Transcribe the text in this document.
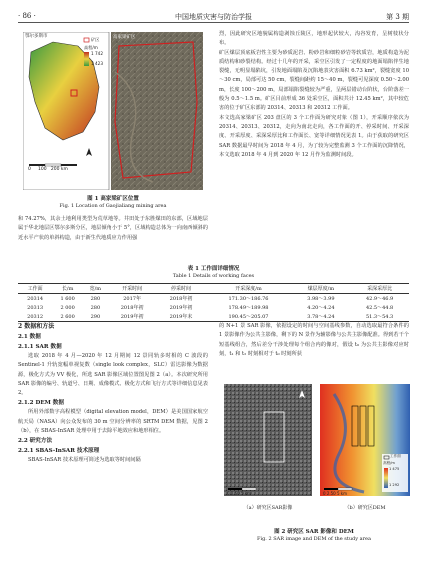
· 86 ·	中国地质灾害与防治学报	第 3 期
鄂尔多斯市	高家梁矿区
矿区
高程/m
1 742
1 423
0     100   200 km
图 1 高家梁矿区位置
Fig. 1 Location of Gaojialiang mining area
和 74.27%，其余土地利用类型为荒草地等。井田处于东胜煤田的东部，区域地层属于华北地层区鄂尔多斯分区，地层倾角小于 5°，区域构造总体为一向南西倾斜的近水平产状的单斜构造，由于新生代地质应力作用强
烈，因此研究区地貌属构造剥蚀丘陵区，地形起伏较大，沟谷发育，呈树枝状分布。
矿区煤层顶底板岩性主要为砂质泥岩、粉砂岩和细粒砂岩等软质岩，地质构造为泥质结构和砂裂结构。经过十几年的开采，采空区引发了一定程度的地面塌陷伴生地裂缝，无明显塌陷坑，引发地面塌陷及沉陷地表灾害面积 6.73 km²，裂缝宽度 10～30 cm，局部可达 50 cm，裂缝间距约 15～40 m，裂缝可见深度 0.50～2.00 m，长度 100～200 m，局部塌陷裂缝较为严重，呈两层错动台阶状，台阶落差一般为 0.5～1.5 m。矿区目前形成 36 处采空区，面积共计 12.45 km²，其中较危害的位于矿区东部的 20314、20313 和 20312 工作面。
本文选高家梁矿区 203 盘区的 3 个工作面为研究对象（图 1），开采顺序依次为 20314、20313、20312，走向为南北走向，各工作面的开、停采时间、开采深度、开采厚度、采深采厚比和工作面长、宽等详细情况见表 1。由于获取的研究区 SAR 数据最早时间为 2018 年 4 月，为了较为完整监测 3 个工作面的沉降情况，本文选取 2018 年 4 月到 2020 年 12 月作为监测时间段。
表 1 工作面详细情况
Table 1 Details of working faces
工作面	长/m	宽/m	开采时间	停采时间	开采深度/m	煤层厚度/m	采深采厚比
20314	1 600	280	2017年	2018年初	171.30～186.76	3.98～3.99	42.9～46.9
20313	2 000	280	2018年初	2019年初	178.49～189.98	4.20～4.24	42.5～44.8
20312	2 600	290	2019年初	2019年末	190.45～205.07	3.78～4.24	51.3～54.3
2 数据和方法
2.1 数据
2.1.1 SAR 数据
选取 2018 年 4 月—2020 年 12 月期间 12 景同轨多时相的 C 波段的 Sentinel-1 升轨宽幅单视复数（single look complex，SLC）雷达影像为数据源，极化方式为 VV 极化，所选 SAR 影像区域位置图见图 2（a）。本次研究所用 SAR 影像的编号、轨道号、日期、成像模式、极化方式和飞行方式等详细信息见表 2。
2.1.2 DEM 数据
所用外部数字高程模型（digital elevation model，DEM）是美国国家航空航天局（NASA）向公众发布的 30 m 空间分辨率的 SRTM DEM 数据，见图 2（b），在 SBAS-InSAR 处理中用于去除平地效应和地形相位。
2.2 研究方法
2.2.1 SBAS-InSAR 技术原理
SBAS-InSAR 技术原理可简述为选取等时间间隔
的 N+1 景 SAR 影像，依据设定的时间与空间基线参数，自动选取最符合条件的 1 景影像作为公共主影像，剩下的 N 景作为辅影像与公共主影像配准。得到若干个短基线组合，然后差分干涉处理每个组合内的像对，假设 t₀ 为公共主影像对应时刻，t₁ 和 t₂ 时刻相对于 t₀ 时刻所获
0 2.50 5 km	0 2.50 5 km
工作面
高程/m
1 475
1 292
（a）研究区SAR影像	（b）研究区DEM
图 2 研究区 SAR 影像和 DEM
Fig. 2 SAR image and DEM of the study area
